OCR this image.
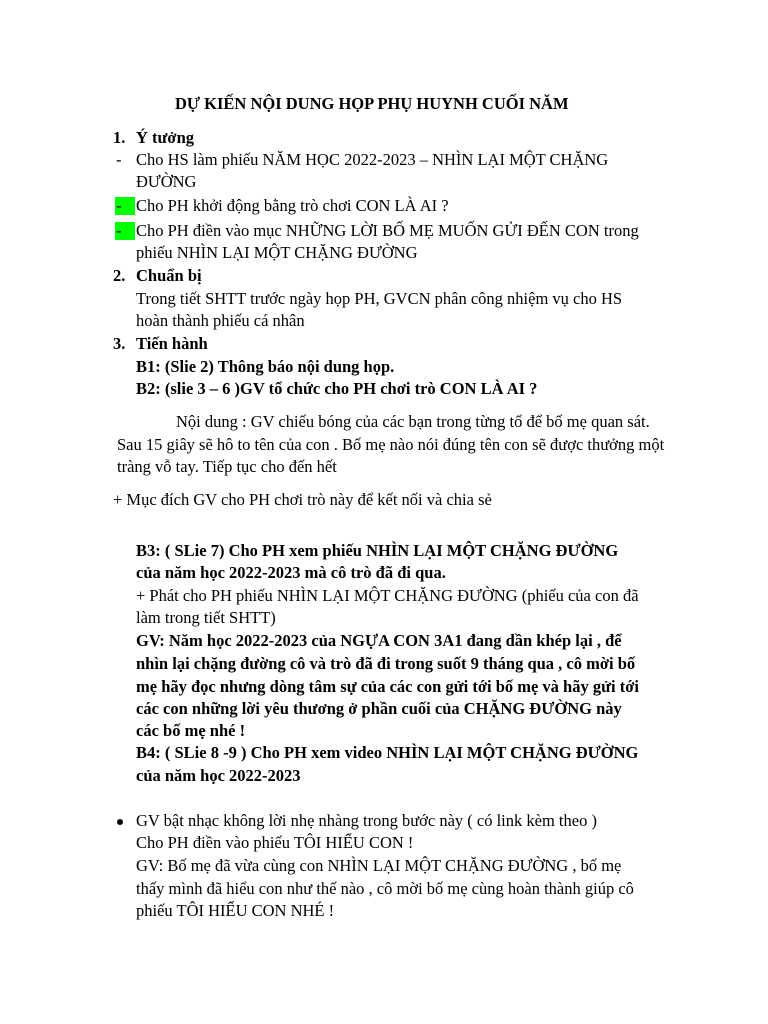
DỰ KIẾN NỘI DUNG HỌP PHỤ HUYNH CUỐI NĂM
1. Ý tưởng
- Cho HS làm phiếu NĂM HỌC 2022-2023 – NHÌN LẠI MỘT CHẶNG
ĐƯỜNG
- Cho PH khởi động bằng trò chơi CON LÀ AI ?
- Cho PH điền vào mục NHỮNG LỜI BỐ MẸ MUỐN GỬI ĐẾN CON trong
phiếu NHÌN LẠI MỘT CHẶNG ĐƯỜNG
2. Chuẩn bị
Trong tiết SHTT trước ngày họp PH, GVCN phân công nhiệm vụ cho HS
hoàn thành phiếu cá nhân
3. Tiến hành
B1: (Slie 2) Thông báo nội dung họp.
B2: (slie 3 – 6 )GV tổ chức cho PH chơi trò CON LÀ AI ?
Nội dung : GV chiếu bóng của các bạn trong từng tổ để bố mẹ quan sát.
Sau 15 giây sẽ hô to tên của con . Bố mẹ nào nói đúng tên con sẽ được thưởng một
tràng vỗ tay. Tiếp tục cho đến hết
+ Mục đích GV cho PH chơi trò này để kết nối và chia sẻ
B3: ( SLie 7) Cho PH xem phiếu NHÌN LẠI MỘT CHẶNG ĐƯỜNG
của năm học 2022-2023 mà cô trò đã đi qua.
+ Phát cho PH phiếu NHÌN LẠI MỘT CHẶNG ĐƯỜNG (phiếu của con đã
làm trong tiết SHTT)
GV: Năm học 2022-2023 của NGỰA CON 3A1 đang dần khép lại , để
nhìn lại chặng đường cô và trò đã đi trong suốt 9 tháng qua , cô mời bố
mẹ hãy đọc nhưng dòng tâm sự của các con gửi tới bố mẹ và hãy gửi tới
các con những lời yêu thương ở phần cuối của CHẶNG ĐƯỜNG này
các bố mẹ nhé !
B4: ( SLie 8 -9 ) Cho PH xem video NHÌN LẠI MỘT CHẶNG ĐƯỜNG
của năm học 2022-2023
GV bật nhạc không lời nhẹ nhàng trong bước này ( có link kèm theo )
Cho PH điền vào phiếu TÔI HIỂU CON !
GV: Bố mẹ đã vừa cùng con NHÌN LẠI MỘT CHẶNG ĐƯỜNG , bố mẹ
thấy mình đã hiểu con như thế nào , cô mời bố mẹ cùng hoàn thành giúp cô
phiếu TÔI HIỂU CON NHÉ !
